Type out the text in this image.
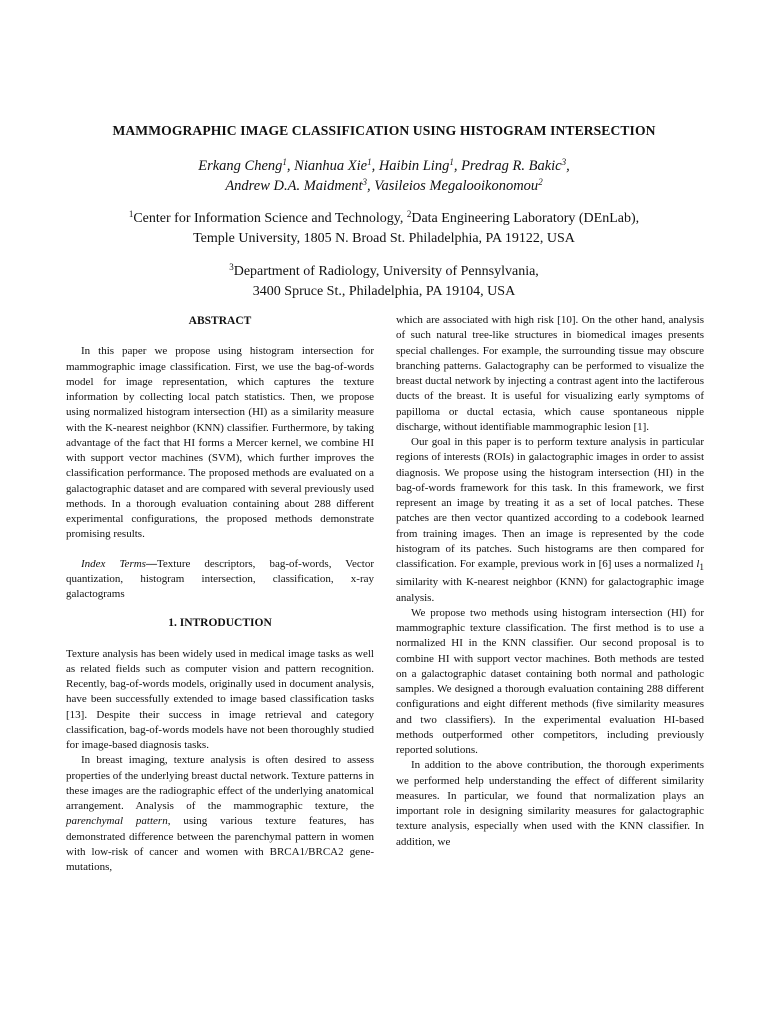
MAMMOGRAPHIC IMAGE CLASSIFICATION USING HISTOGRAM INTERSECTION
Erkang Cheng$^1$, Nianhua Xie$^1$, Haibin Ling$^1$, Predrag R. Bakic$^3$,
Andrew D.A. Maidment$^3$, Vasileios Megalooikonomou$^2$
$^1$Center for Information Science and Technology, $^2$Data Engineering Laboratory (DEnLab),
Temple University, 1805 N. Broad St. Philadelphia, PA 19122, USA
$^3$Department of Radiology, University of Pennsylvania,
3400 Spruce St., Philadelphia, PA 19104, USA
ABSTRACT

In this paper we propose using histogram intersection for mammographic image classification. First, we use the bag-of-words model for image representation, which captures the texture information by collecting local patch statistics. Then, we propose using normalized histogram intersection (HI) as a similarity measure with the K-nearest neighbor (KNN) classifier. Furthermore, by taking advantage of the fact that HI forms a Mercer kernel, we combine HI with support vector machines (SVM), which further improves the classification performance. The proposed methods are evaluated on a galactographic dataset and are compared with several previously used methods. In a thorough evaluation containing about 288 different experimental configurations, the proposed methods demonstrate promising results.

Index Terms—Texture descriptors, bag-of-words, Vector quantization, histogram intersection, classification, x-ray galactograms

1. INTRODUCTION

Texture analysis has been widely used in medical image tasks as well as related fields such as computer vision and pattern recognition. Recently, bag-of-words models, originally used in document analysis, have been successfully extended to image based classification tasks [13]. Despite their success in image retrieval and category classification, bag-of-words models have not been thoroughly studied for image-based diagnosis tasks.

In breast imaging, texture analysis is often desired to assess properties of the underlying breast ductal network. Texture patterns in these images are the radiographic effect of the underlying anatomical arrangement. Analysis of the mammographic texture, the parenchymal pattern, using various texture features, has demonstrated difference between the parenchymal pattern in women with low-risk of cancer and women with BRCA1/BRCA2 gene-mutations,

which are associated with high risk [10]. On the other hand, analysis of such natural tree-like structures in biomedical images presents special challenges. For example, the surrounding tissue may obscure branching patterns. Galactography can be performed to visualize the breast ductal network by injecting a contrast agent into the lactiferous ducts of the breast. It is useful for visualizing early symptoms of papilloma or ductal ectasia, which cause spontaneous nipple discharge, without identifiable mammographic lesion [1].

Our goal in this paper is to perform texture analysis in particular regions of interests (ROIs) in galactographic images in order to assist diagnosis. We propose using the histogram intersection (HI) in the bag-of-words framework for this task. In this framework, we first represent an image by treating it as a set of local patches. These patches are then vector quantized according to a codebook learned from training images. Then an image is represented by the code histogram of its patches. Such histograms are then compared for classification. For example, previous work in [6] uses a normalized $l_1$ similarity with K-nearest neighbor (KNN) for galactographic image analysis.

We propose two methods using histogram intersection (HI) for mammographic texture classification. The first method is to use a normalized HI in the KNN classifier. Our second proposal is to combine HI with support vector machines. Both methods are tested on a galactographic dataset containing both normal and pathologic samples. We designed a thorough evaluation containing 288 different configurations and eight different methods (five similarity measures and two classifiers). In the experimental evaluation HI-based methods outperformed other competitors, including previously reported solutions.

In addition to the above contribution, the thorough experiments we performed help understanding the effect of different similarity measures. In particular, we found that normalization plays an important role in designing similarity measures for galactographic texture analysis, especially when used with the KNN classifier. In addition, we
